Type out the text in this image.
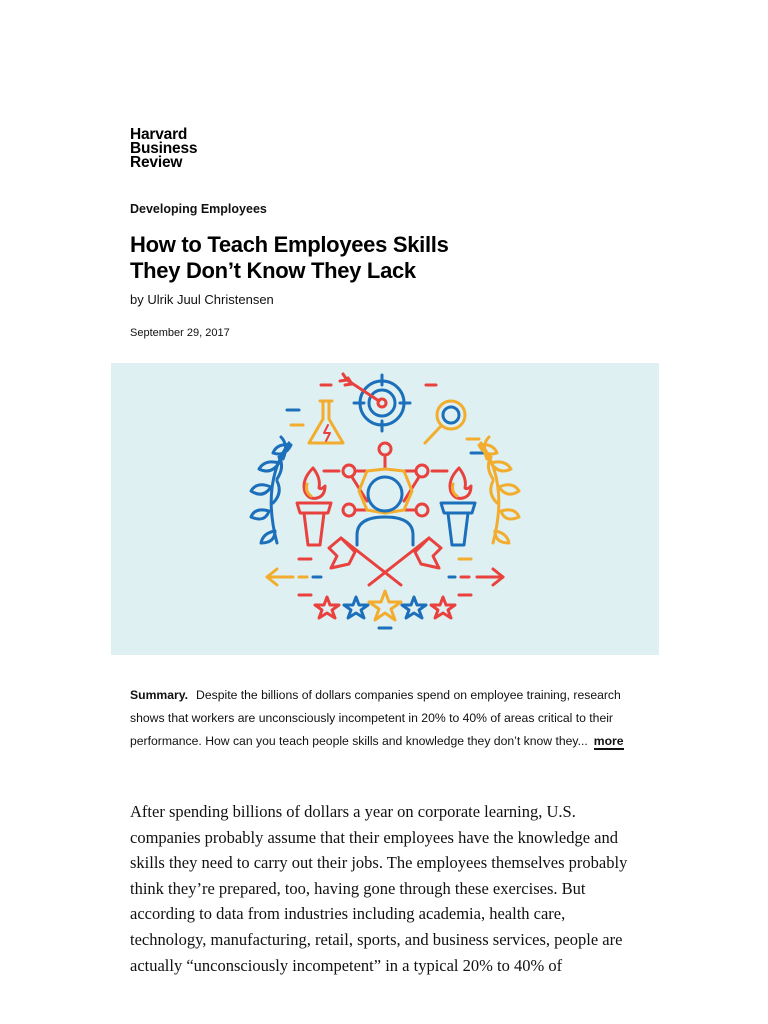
Harvard
Business
Review
Developing Employees
How to Teach Employees Skills
They Don’t Know They Lack
by Ulrik Juul Christensen
September 29, 2017
Summary. Despite the billions of dollars companies spend on employee training, research shows that workers are unconsciously incompetent in 20% to 40% of areas critical to their performance. How can you teach people skills and knowledge they don’t know they... more

After spending billions of dollars a year on corporate learning, U.S. companies probably assume that their employees have the knowledge and skills they need to carry out their jobs. The employees themselves probably think they’re prepared, too, having gone through these exercises. But according to data from industries including academia, health care, technology, manufacturing, retail, sports, and business services, people are actually “unconsciously incompetent” in a typical 20% to 40% of
